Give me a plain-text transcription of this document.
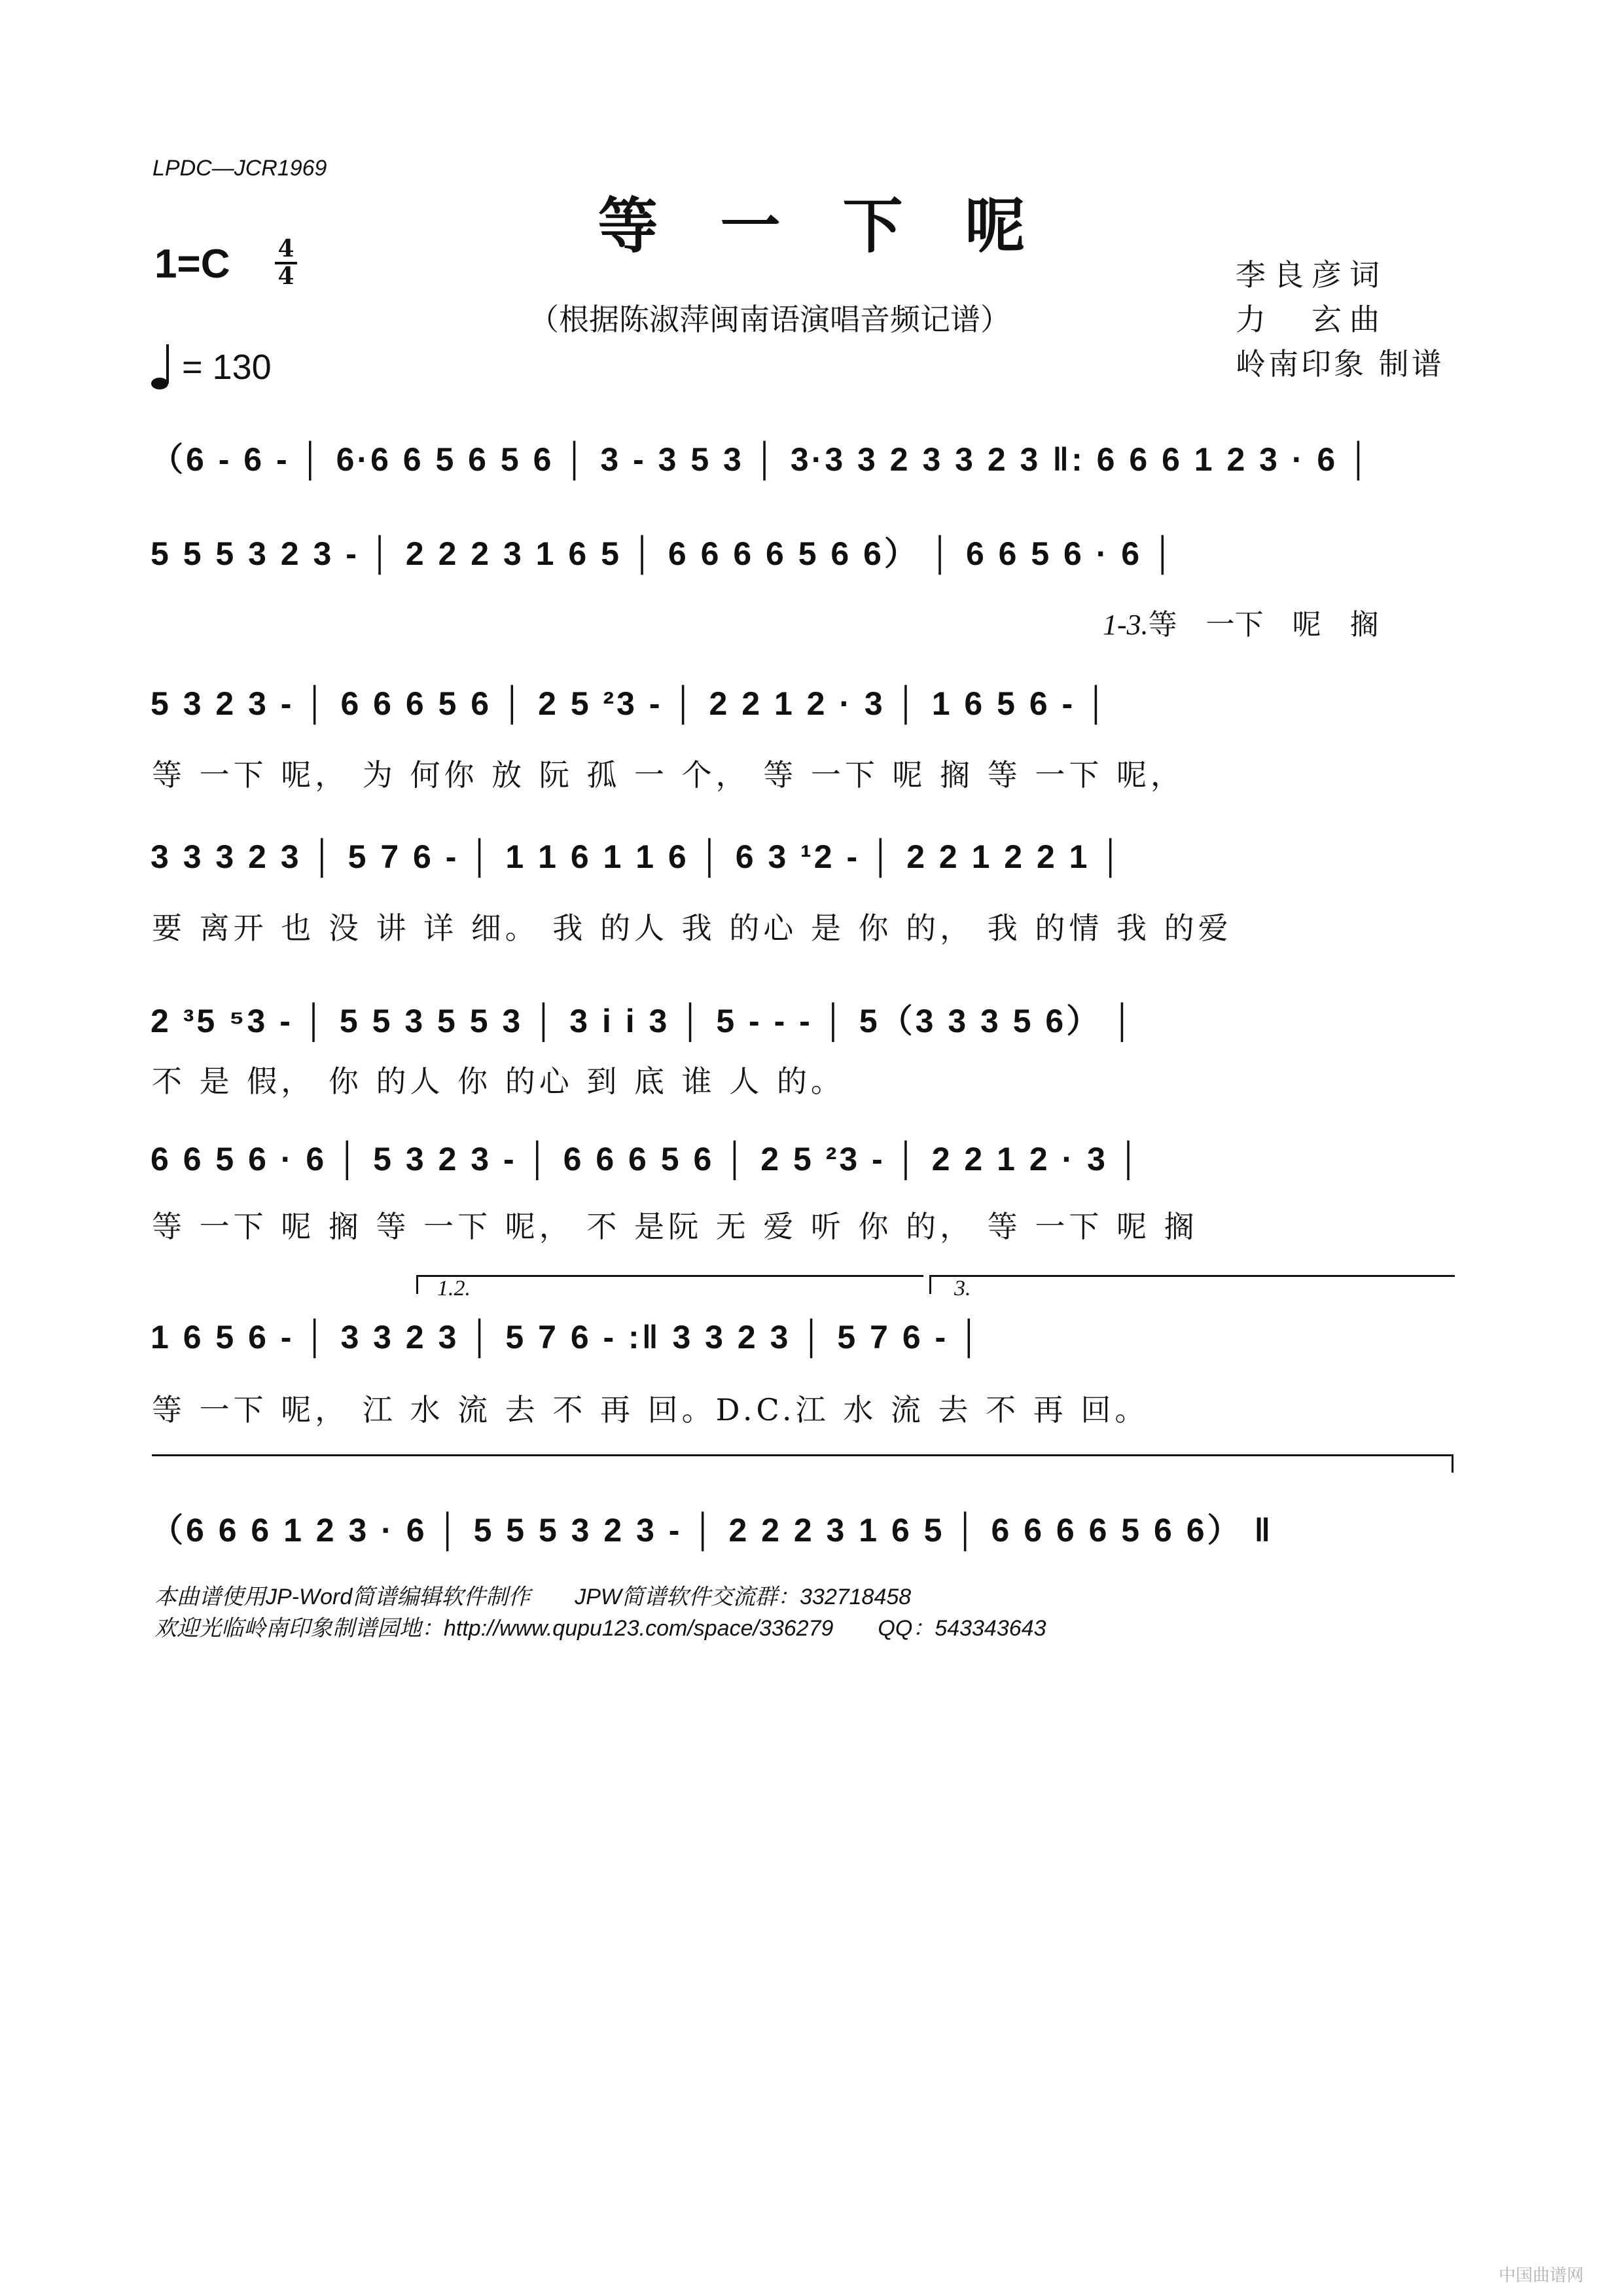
LPDC—JCR1969
等一下呢
1=C 4
4
（根据陈淑萍闽南语演唱音频记谱）
李良彦词
力　玄曲
岭南印象 制谱
= 130
（6 - 6 - │ 6·6 6 5 6 5 6 │ 3 - 3 5 3 │ 3·3 3 2 3 3 2 3 ‖: 6 6 6 1 2 3 · 6 │
5 5 5 3 2 3 - │ 2 2 2 3 1 6 5 │ 6 6 6 6 5 6 6） │ 6 6 5 6 · 6 │
1-3.等　一下　呢　搁
5 3 2 3 - │ 6 6 6 5 6 │ 2 5 ²3 - │ 2 2 1 2 · 3 │ 1 6 5 6 - │
等 一下 呢， 为 何你 放 阮 孤 一 个， 等 一下 呢 搁 等 一下 呢，
3 3 3 2 3 │ 5 7 6 - │ 1 1 6 1 1 6 │ 6 3 ¹2 - │ 2 2 1 2 2 1 │
要 离开 也 没 讲 详 细。 我 的人 我 的心 是 你 的， 我 的情 我 的爱
2 ³5 ⁵3 - │ 5 5 3 5 5 3 │ 3 i i 3 │ 5 - - - │ 5（3 3 3 5 6） │
不 是 假， 你 的人 你 的心 到 底 谁 人 的。
6 6 5 6 · 6 │ 5 3 2 3 - │ 6 6 6 5 6 │ 2 5 ²3 - │ 2 2 1 2 · 3 │
等 一下 呢 搁 等 一下 呢， 不 是阮 无 爱 听 你 的， 等 一下 呢 搁
1.2.	3.
1 6 5 6 - │ 3 3 2 3 │ 5 7 6 - :‖ 3 3 2 3 │ 5 7 6 - │
等 一下 呢， 江 水 流 去 不 再 回。D.C.江 水 流 去 不 再 回。
（6 6 6 1 2 3 · 6 │ 5 5 5 3 2 3 - │ 2 2 2 3 1 6 5 │ 6 6 6 6 5 6 6） ‖
本曲谱使用JP-Word简谱编辑软件制作　　JPW简谱软件交流群：332718458
欢迎光临岭南印象制谱园地：http://www.qupu123.com/space/336279　　QQ：543343643
中国曲谱网
